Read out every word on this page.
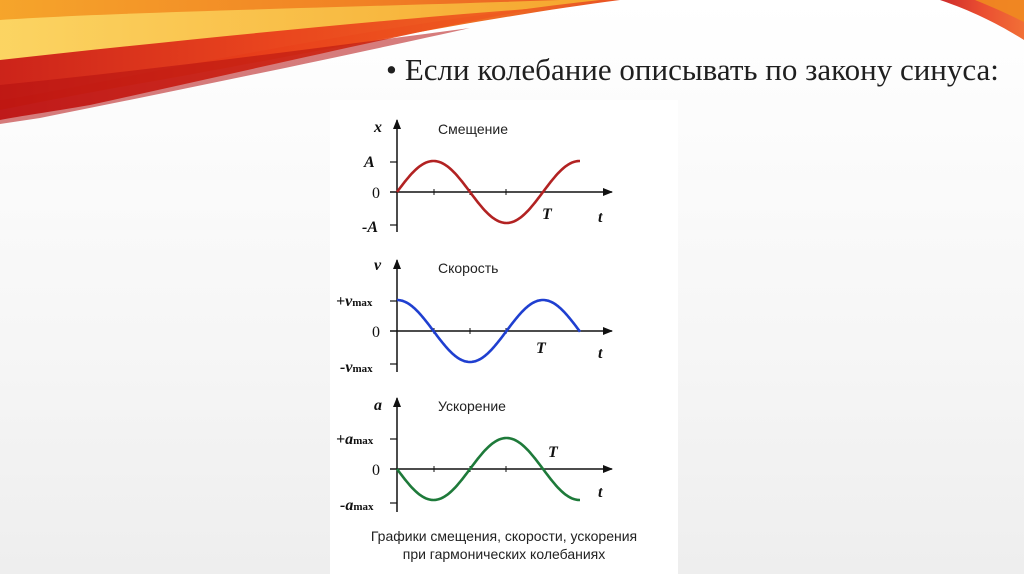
• Если колебание описывать по закону синуса:
x	Смещение
A
0
-A
T	t
v	Скорость
+vmax
0
-vmax
T	t
a	Ускорение
+amax
0
-amax
T
t
Графики смещения, скорости, ускорения
при гармонических колебаниях
